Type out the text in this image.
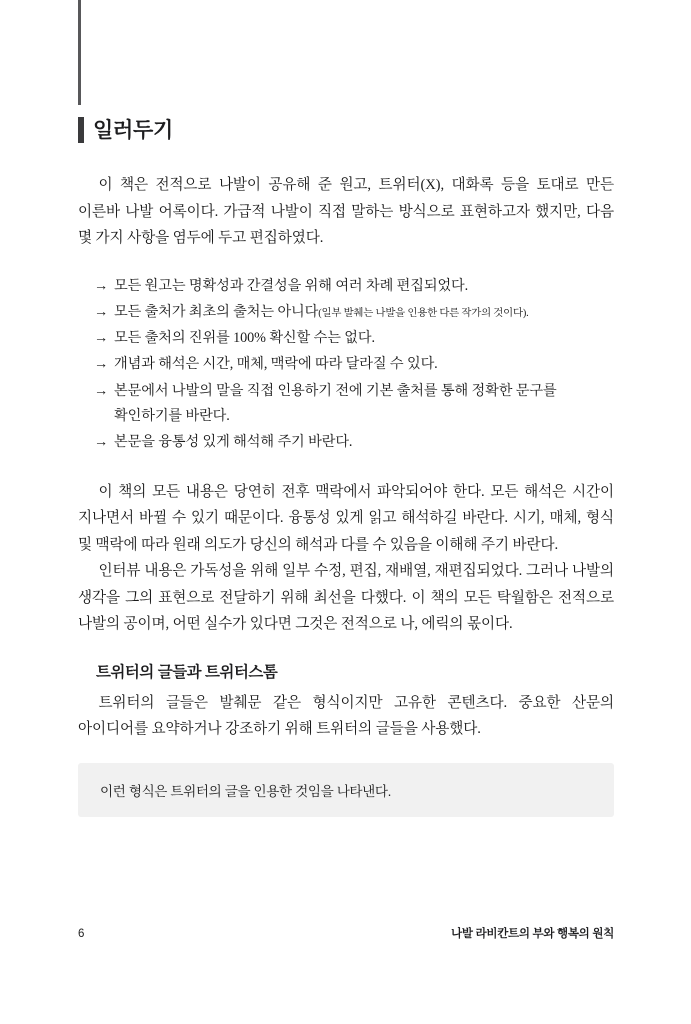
일러두기

이 책은 전적으로 나발이 공유해 준 원고, 트위터(X), 대화록 등을 토대로 만든 이른바 나발 어록이다. 가급적 나발이 직접 말하는 방식으로 표현하고자 했지만, 다음 몇 가지 사항을 염두에 두고 편집하였다.

→ 모든 원고는 명확성과 간결성을 위해 여러 차례 편집되었다.
→ 모든 출처가 최초의 출처는 아니다(일부 발췌는 나발을 인용한 다른 작가의 것이다).
→ 모든 출처의 진위를 100% 확신할 수는 없다.
→ 개념과 해석은 시간, 매체, 맥락에 따라 달라질 수 있다.
→ 본문에서 나발의 말을 직접 인용하기 전에 기본 출처를 통해 정확한 문구를 확인하기를 바란다.
→ 본문을 융통성 있게 해석해 주기 바란다.

이 책의 모든 내용은 당연히 전후 맥락에서 파악되어야 한다. 모든 해석은 시간이 지나면서 바뀔 수 있기 때문이다. 융통성 있게 읽고 해석하길 바란다. 시기, 매체, 형식 및 맥락에 따라 원래 의도가 당신의 해석과 다를 수 있음을 이해해 주기 바란다.

인터뷰 내용은 가독성을 위해 일부 수정, 편집, 재배열, 재편집되었다. 그러나 나발의 생각을 그의 표현으로 전달하기 위해 최선을 다했다. 이 책의 모든 탁월함은 전적으로 나발의 공이며, 어떤 실수가 있다면 그것은 전적으로 나, 에릭의 몫이다.

트위터의 글들과 트위터스톰

트위터의 글들은 발췌문 같은 형식이지만 고유한 콘텐츠다. 중요한 산문의 아이디어를 요약하거나 강조하기 위해 트위터의 글들을 사용했다.

이런 형식은 트위터의 글을 인용한 것임을 나타낸다.
6	나발 라비칸트의 부와 행복의 원칙
